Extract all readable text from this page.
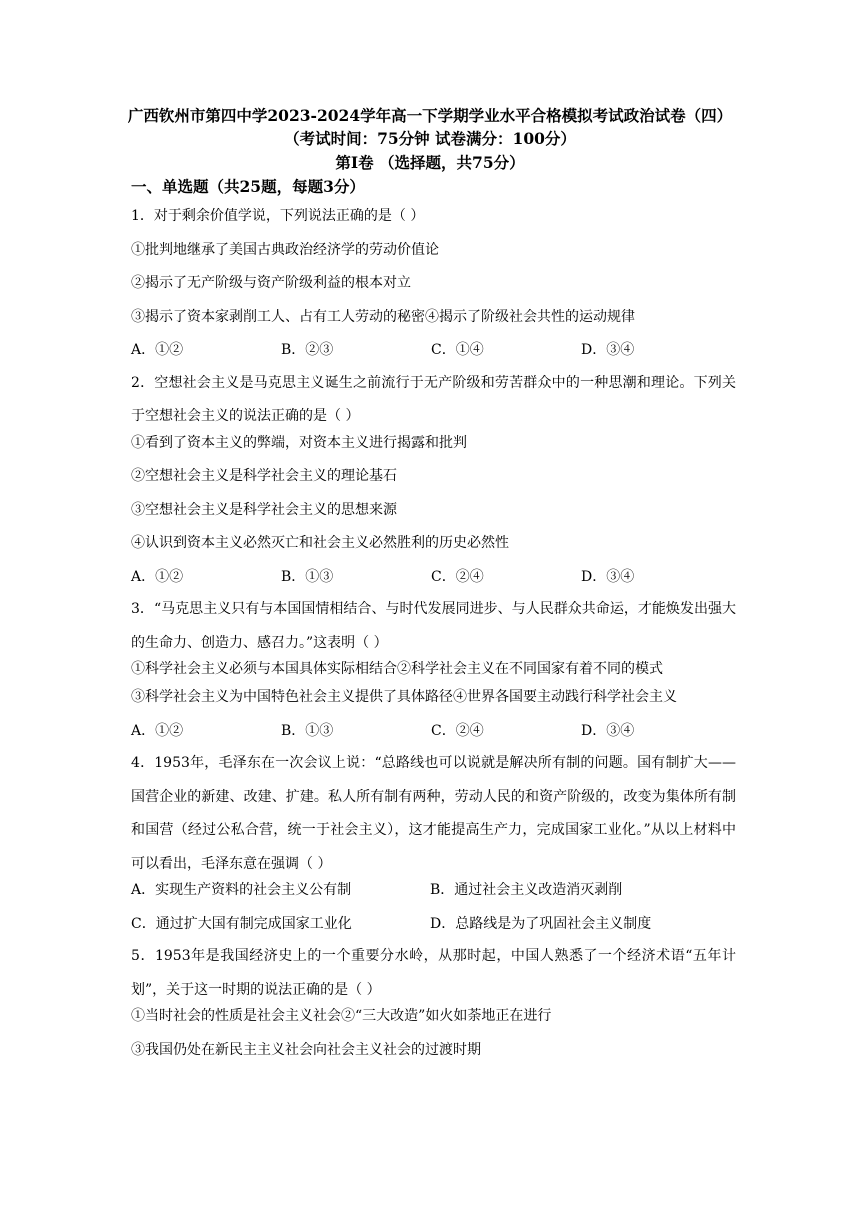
广西钦州市第四中学2023-2024学年高一下学期学业水平合格模拟考试政治试卷（四）
（考试时间：75分钟 试卷满分：100分）
第I卷 （选择题，共75分）
一、单选题（共25题，每题3分）
1．对于剩余价值学说，下列说法正确的是（ ）
①批判地继承了美国古典政治经济学的劳动价值论
②揭示了无产阶级与资产阶级利益的根本对立
③揭示了资本家剥削工人、占有工人劳动的秘密④揭示了阶级社会共性的运动规律
A．①②	B．②③	C．①④	D．③④
2．空想社会主义是马克思主义诞生之前流行于无产阶级和劳苦群众中的一种思潮和理论。下列关于空想社会主义的说法正确的是（ ）
①看到了资本主义的弊端，对资本主义进行揭露和批判
②空想社会主义是科学社会主义的理论基石
③空想社会主义是科学社会主义的思想来源
④认识到资本主义必然灭亡和社会主义必然胜利的历史必然性
A．①②	B．①③	C．②④	D．③④
3．“马克思主义只有与本国国情相结合、与时代发展同进步、与人民群众共命运，才能焕发出强大的生命力、创造力、感召力。”这表明（ ）
①科学社会主义必须与本国具体实际相结合②科学社会主义在不同国家有着不同的模式
③科学社会主义为中国特色社会主义提供了具体路径④世界各国要主动践行科学社会主义
A．①②	B．①③	C．②④	D．③④
4．1953年，毛泽东在一次会议上说：“总路线也可以说就是解决所有制的问题。国有制扩大——国营企业的新建、改建、扩建。私人所有制有两种，劳动人民的和资产阶级的，改变为集体所有制和国营（经过公私合营，统一于社会主义），这才能提高生产力，完成国家工业化。”从以上材料中可以看出，毛泽东意在强调（ ）
A．实现生产资料的社会主义公有制	B．通过社会主义改造消灭剥削
C．通过扩大国有制完成国家工业化	D．总路线是为了巩固社会主义制度
5．1953年是我国经济史上的一个重要分水岭，从那时起，中国人熟悉了一个经济术语“五年计划”，关于这一时期的说法正确的是（ ）
①当时社会的性质是社会主义社会②“三大改造”如火如荼地正在进行
③我国仍处在新民主主义社会向社会主义社会的过渡时期
